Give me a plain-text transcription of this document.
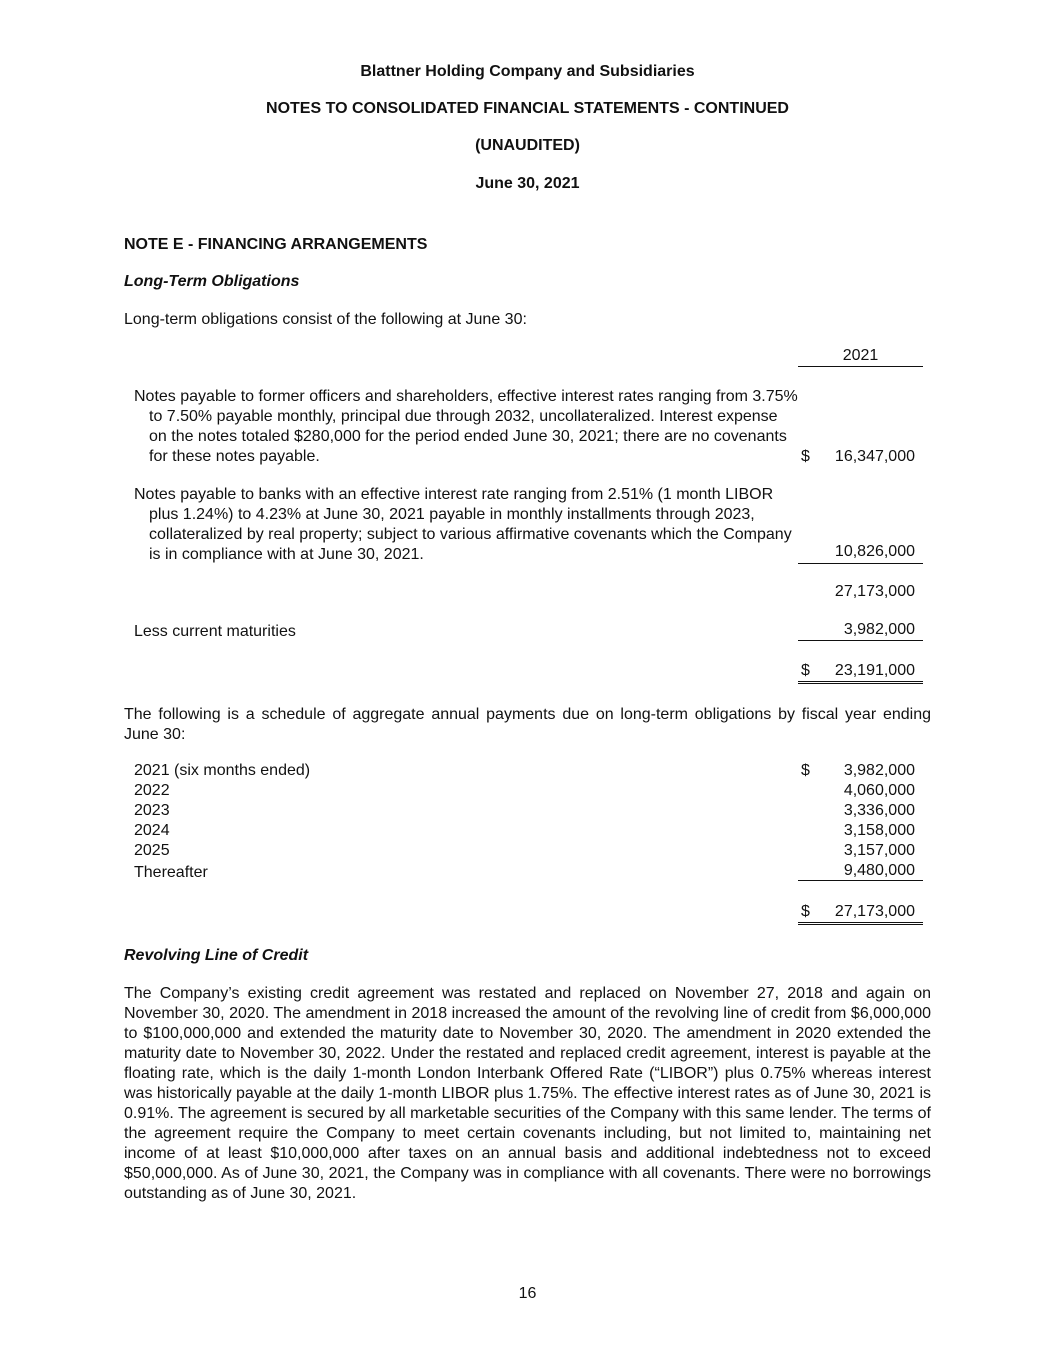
Blattner Holding Company and Subsidiaries
NOTES TO CONSOLIDATED FINANCIAL STATEMENTS - CONTINUED
(UNAUDITED)
June 30, 2021
NOTE E - FINANCING ARRANGEMENTS
Long-Term Obligations
Long-term obligations consist of the following at June 30:
2021
Notes payable to former officers and shareholders, effective interest rates ranging from 3.75% to 7.50% payable monthly, principal due through 2032, uncollateralized. Interest expense on the notes totaled $280,000 for the period ended June 30, 2021; there are no covenants for these notes payable.	$	16,347,000
Notes payable to banks with an effective interest rate ranging from 2.51% (1 month LIBOR plus 1.24%) to 4.23% at June 30, 2021 payable in monthly installments through 2023, collateralized by real property; subject to various affirmative covenants which the Company is in compliance with at June 30, 2021.	10,826,000
27,173,000
Less current maturities	3,982,000
$	23,191,000
The following is a schedule of aggregate annual payments due on long-term obligations by fiscal year ending June 30:
2021 (six months ended)	$	3,982,000
2022	4,060,000
2023	3,336,000
2024	3,158,000
2025	3,157,000
Thereafter	9,480,000
$	27,173,000
Revolving Line of Credit
The Company’s existing credit agreement was restated and replaced on November 27, 2018 and again on November 30, 2020. The amendment in 2018 increased the amount of the revolving line of credit from $6,000,000 to $100,000,000 and extended the maturity date to November 30, 2020. The amendment in 2020 extended the maturity date to November 30, 2022. Under the restated and replaced credit agreement, interest is payable at the floating rate, which is the daily 1-month London Interbank Offered Rate (“LIBOR”) plus 0.75% whereas interest was historically payable at the daily 1-month LIBOR plus 1.75%. The effective interest rates as of June 30, 2021 is 0.91%. The agreement is secured by all marketable securities of the Company with this same lender. The terms of the agreement require the Company to meet certain covenants including, but not limited to, maintaining net income of at least $10,000,000 after taxes on an annual basis and additional indebtedness not to exceed $50,000,000. As of June 30, 2021, the Company was in compliance with all covenants. There were no borrowings outstanding as of June 30, 2021.
16
